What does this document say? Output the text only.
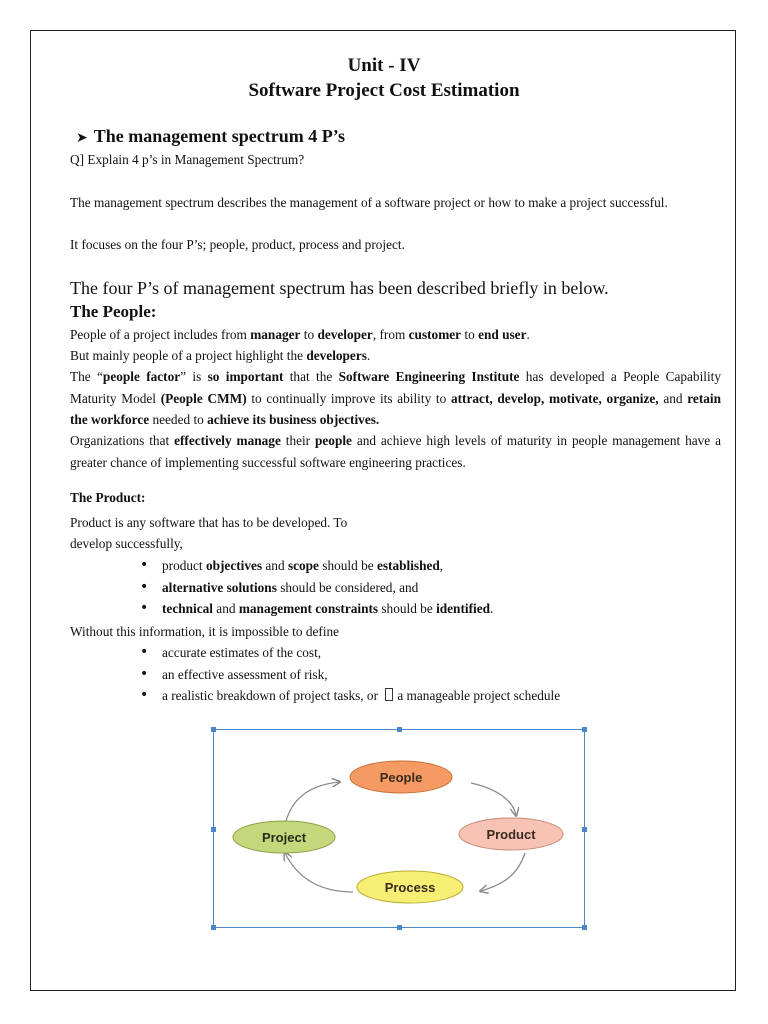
Unit - IV
Software Project Cost Estimation
➤ The management spectrum 4 P’s

Q] Explain 4 p’s in Management Spectrum?

The management spectrum describes the management of a software project or how to make a project successful.

It focuses on the four P’s; people, product, process and project.

The four P’s of management spectrum has been described briefly in below.

The People:

People of a project includes from manager to developer, from customer to end user.

But mainly people of a project highlight the developers.

The “people factor” is so important that the Software Engineering Institute has developed a People Capability Maturity Model (People CMM) to continually improve its ability to attract, develop, motivate, organize, and retain the workforce needed to achieve its business objectives.

Organizations that effectively manage their people and achieve high levels of maturity in people management have a greater chance of implementing successful software engineering practices.

The Product:

Product is any software that has to be developed. To

develop successfully,

• product objectives and scope should be established,
• alternative solutions should be considered, and
• technical and management constraints should be identified.

Without this information, it is impossible to define

• accurate estimates of the cost,
• an effective assessment of risk,
• a realistic breakdown of project tasks, or a manageable project schedule
People
Product
Process
Project
